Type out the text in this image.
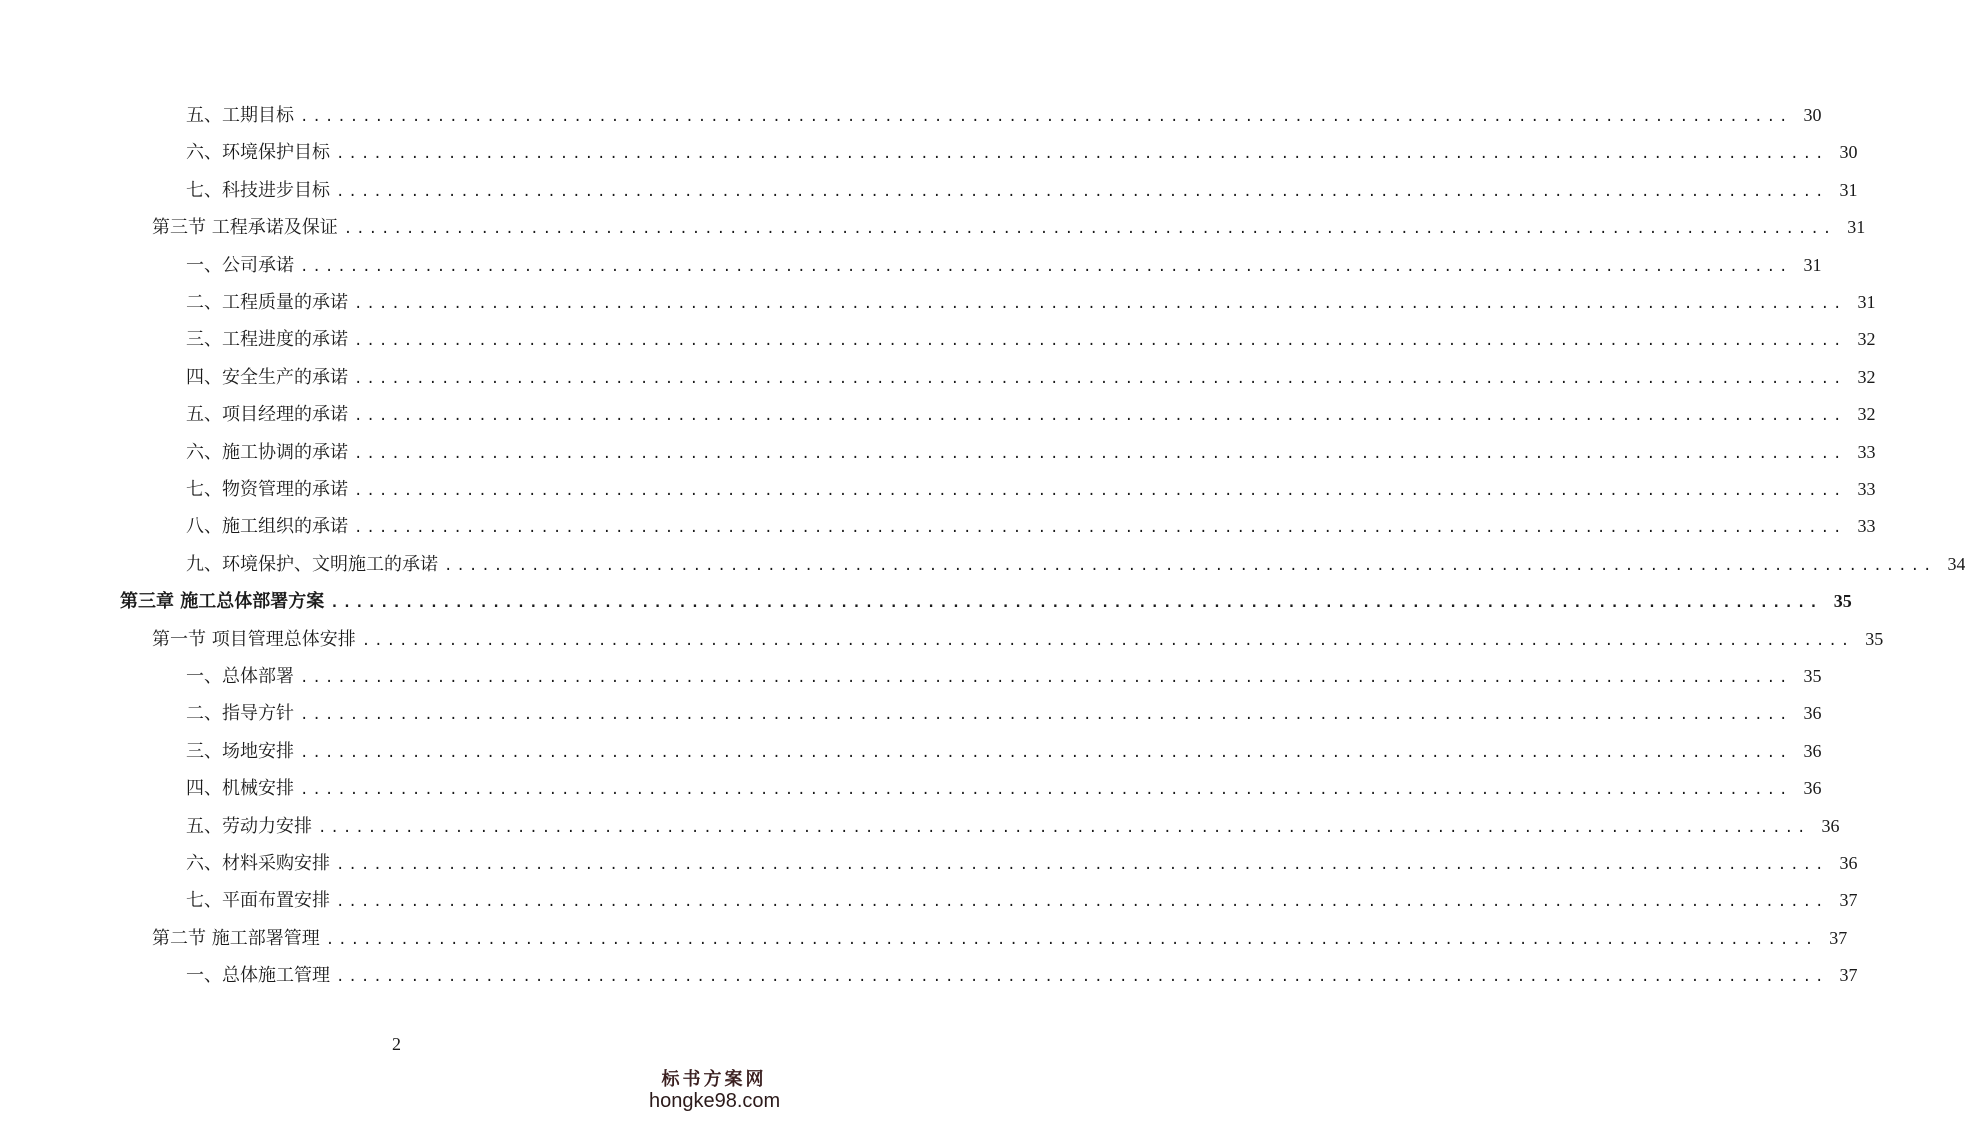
五、工期目标 ........................................................................................................................ 30
六、环境保护目标 ........................................................................................................................ 30
七、科技进步目标 ........................................................................................................................ 31
第三节 工程承诺及保证 ........................................................................................................................ 31
一、公司承诺 ........................................................................................................................ 31
二、工程质量的承诺 ........................................................................................................................ 31
三、工程进度的承诺 ........................................................................................................................ 32
四、安全生产的承诺 ........................................................................................................................ 32
五、项目经理的承诺 ........................................................................................................................ 32
六、施工协调的承诺 ........................................................................................................................ 33
七、物资管理的承诺 ........................................................................................................................ 33
八、施工组织的承诺 ........................................................................................................................ 33
九、环境保护、文明施工的承诺 ........................................................................................................................ 34
第三章 施工总体部署方案 ........................................................................................................................ 35
第一节 项目管理总体安排 ........................................................................................................................ 35
一、总体部署 ........................................................................................................................ 35
二、指导方针 ........................................................................................................................ 36
三、场地安排 ........................................................................................................................ 36
四、机械安排 ........................................................................................................................ 36
五、劳动力安排 ........................................................................................................................ 36
六、材料采购安排 ........................................................................................................................ 36
七、平面布置安排 ........................................................................................................................ 37
第二节 施工部署管理 ........................................................................................................................ 37
一、总体施工管理 ........................................................................................................................ 37
2
标书方案网
hongke98.com
